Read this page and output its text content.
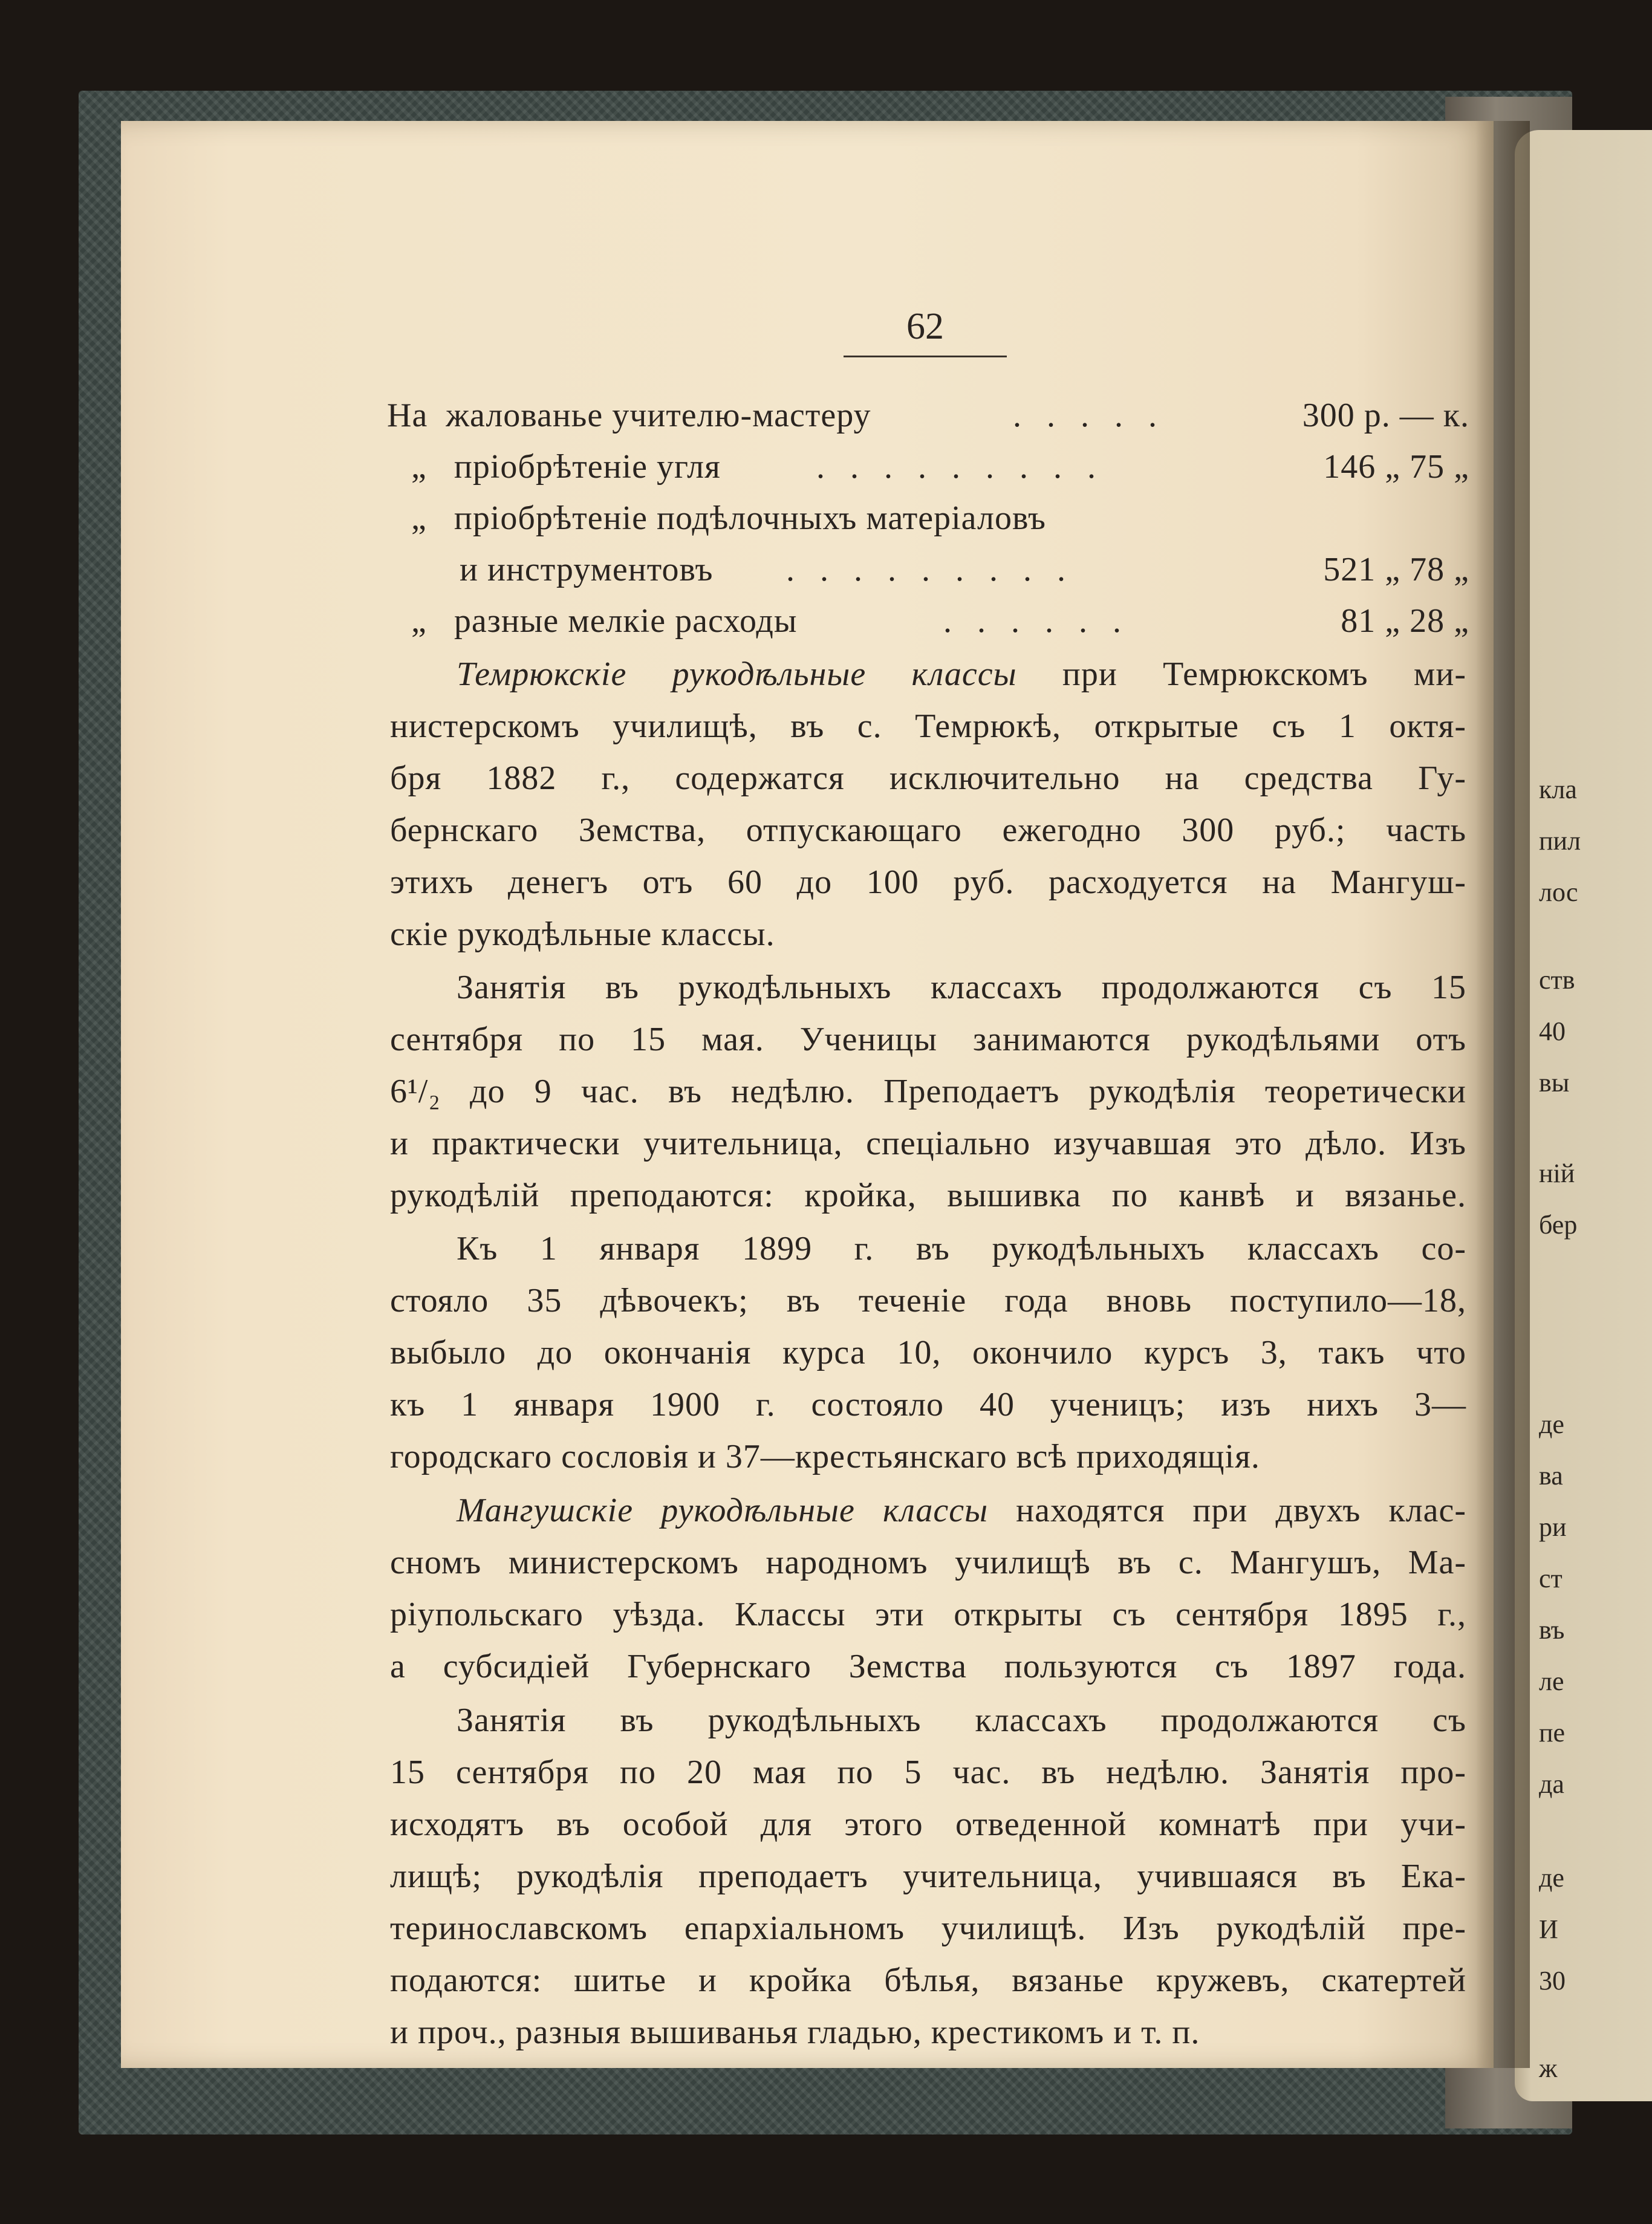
кла
пил
лос
ств
40
вы
ній
бер
де
ва
ри
ст
въ
ле
пе
да
де
И
30
ж
62
На жалованье учителю-мастеру	. . . . .	300 р. — к.
„ пріобрѣтеніе угля	. . . . . . . . .	146 „ 75 „
„ пріобрѣтеніе подѣлочныхъ матеріаловъ
и инструментовъ . . . . . . . . .	521 „ 78 „
„ разные мелкіе расходы	. . . . . .	81 „ 28 „
Темрюкскіе рукодѣльные классы при Темрюкскомъ ми-
нистерскомъ училищѣ, въ с. Темрюкѣ, открытые съ 1 октя-
бря 1882 г., содержатся исключительно на средства Гу-
бернскаго Земства, отпускающаго ежегодно 300 руб.; часть
этихъ денегъ отъ 60 до 100 руб. расходуется на Мангуш-
скіе рукодѣльные классы.
Занятія въ рукодѣльныхъ классахъ продолжаются съ 15
сентября по 15 мая. Ученицы занимаются рукодѣльями отъ
6¹/₂ до 9 час. въ недѣлю. Преподаетъ рукодѣлія теоретически
и практически учительница, спеціально изучавшая это дѣло. Изъ
рукодѣлій преподаются: кройка, вышивка по канвѣ и вязанье.
Къ 1 января 1899 г. въ рукодѣльныхъ классахъ со-
стояло 35 дѣвочекъ; въ теченіе года вновь поступило—18,
выбыло до окончанія курса 10, окончило курсъ 3, такъ что
къ 1 января 1900 г. состояло 40 ученицъ; изъ нихъ 3—
городскаго сословія и 37—крестьянскаго всѣ приходящія.
Мангушскіе рукодѣльные классы находятся при двухъ клас-
сномъ министерскомъ народномъ училищѣ въ с. Мангушъ, Ма-
ріупольскаго уѣзда. Классы эти открыты съ сентября 1895 г.,
а субсидіей Губернскаго Земства пользуются съ 1897 года.
Занятія въ рукодѣльныхъ классахъ продолжаются съ
15 сентября по 20 мая по 5 час. въ недѣлю. Занятія про-
исходятъ въ особой для этого отведенной комнатѣ при учи-
лищѣ; рукодѣлія преподаетъ учительница, учившаяся въ Ека-
теринославскомъ епархіальномъ училищѣ. Изъ рукодѣлій пре-
подаются: шитье и кройка бѣлья, вязанье кружевъ, скатертей
и проч., разныя вышиванья гладью, крестикомъ и т. п.
